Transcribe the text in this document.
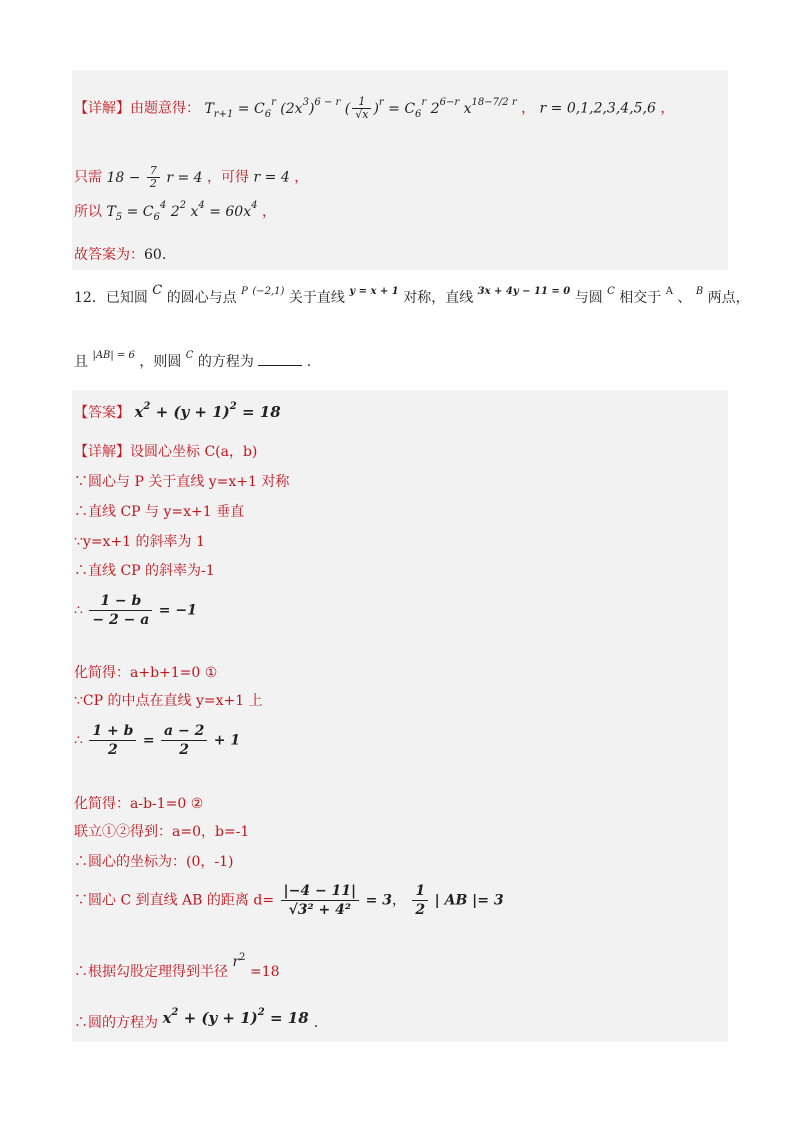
【详解】由题意得： $T_{r+1} = C_6^r$ $(2x^3)^{6 - r}$ ( $\frac{1}{√x} )^r = C_6^r$ $2^{6-r}$ $x^{18-7/2 r}$ ， r = 0,1,2,3,4,5,6 ，
只需 $18 - \frac{7}{2}$ r = 4 ，可得 r = 4 ，
所以 $T_5 = C_6^4$ $2^2$ $x^4 = 60x^4$ ，
故答案为：60.
12．已知圆 C 的圆心与点 $^P$ $^{(-2,1)}$ 关于直线 $^{y = x + 1}$ 对称，直线 $^{3x + 4y - 11 = 0}$ 与圆 $^C$ 相交于 $^A$ 、 $^B$ 两点，
且 $^{|AB| = 6}$ ，则圆 $^C$ 的方程为	.
【答案】 $x^2 + (y + 1)^2 = 18$
【详解】设圆心坐标 C(a，b)
∵圆心与 P 关于直线 y=x+1 对称
∴直线 CP 与 y=x+1 垂直
∵y=x+1 的斜率为 1
∴直线 CP 的斜率为-1
∴ $\frac{1 - b}{- 2 - a} = -1$
化简得：a+b+1=0 ①
∵CP 的中点在直线 y=x+1 上
∴ $\frac{1 + b}{2} = \frac{a - 2}{2} + 1$
化简得：a-b-1=0 ②
联立①②得到：a=0，b=-1
∴圆心的坐标为：(0，-1)
∵圆心 C 到直线 AB 的距离 $d= \frac{|-4 - 11|}{\text{√3² + 4²}} = 3$， $\frac{1}{2}$ | AB |= 3
∴根据勾股定理得到半径 $r^2 =18$
∴圆的方程为 $x^2 + (y + 1)^2 = 18$ .
